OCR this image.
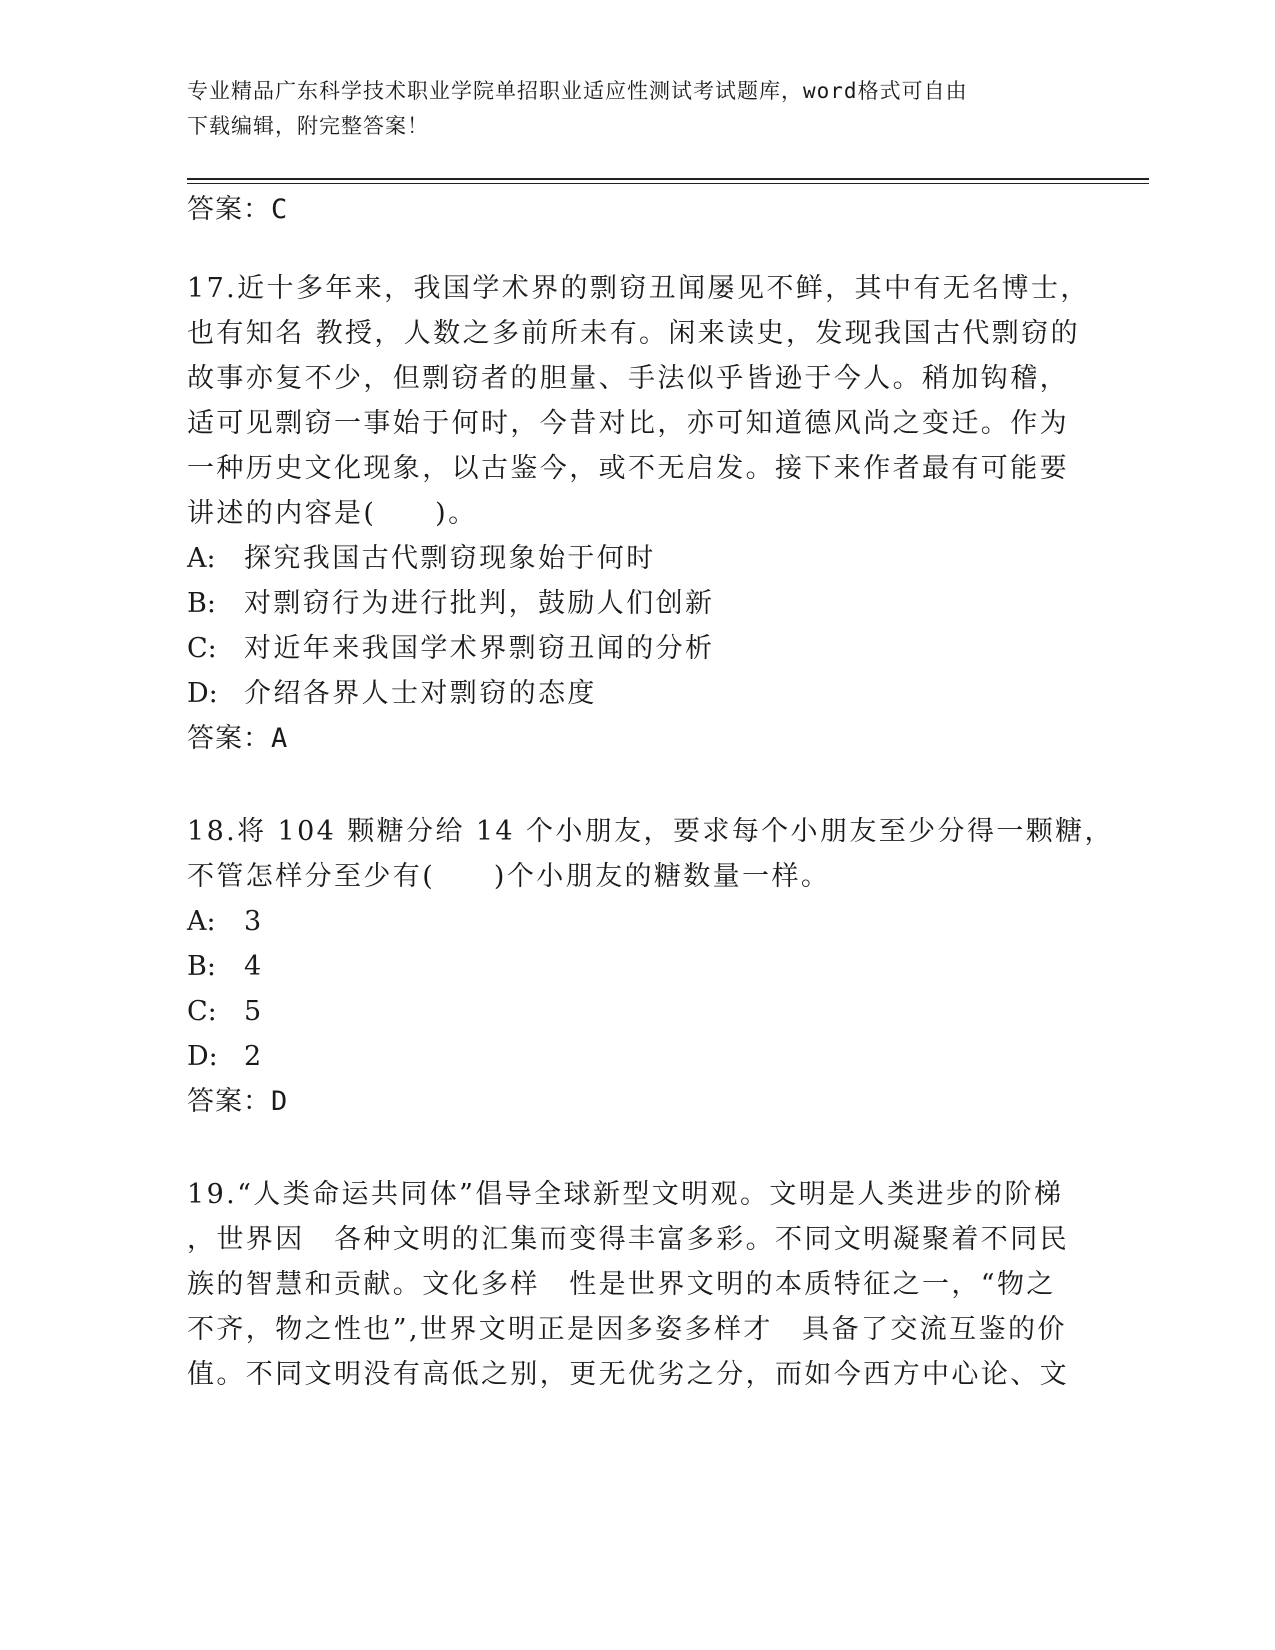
专业精品广东科学技术职业学院单招职业适应性测试考试题库，word格式可自由
下载编辑，附完整答案！
答案：C
17.近十多年来，我国学术界的剽窃丑闻屡见不鲜，其中有无名博士，
也有知名 教授，人数之多前所未有。闲来读史，发现我国古代剽窃的
故事亦复不少，但剽窃者的胆量、手法似乎皆逊于今人。稍加钩稽，
适可见剽窃一事始于何时，今昔对比，亦可知道德风尚之变迁。作为
一种历史文化现象，以古鉴今，或不无启发。接下来作者最有可能要
讲述的内容是(　　)。
A: 探究我国古代剽窃现象始于何时
B: 对剽窃行为进行批判，鼓励人们创新
C: 对近年来我国学术界剽窃丑闻的分析
D: 介绍各界人士对剽窃的态度
答案：A
18.将 104 颗糖分给 14 个小朋友，要求每个小朋友至少分得一颗糖，
不管怎样分至少有(　　)个小朋友的糖数量一样。
A: 3
B: 4
C: 5
D: 2
答案：D
19.“人类命运共同体”倡导全球新型文明观。文明是人类进步的阶梯
，世界因　各种文明的汇集而变得丰富多彩。不同文明凝聚着不同民
族的智慧和贡献。文化多样　性是世界文明的本质特征之一，“物之
不齐，物之性也”,世界文明正是因多姿多样才　具备了交流互鉴的价
值。不同文明没有高低之别，更无优劣之分，而如今西方中心论、文
